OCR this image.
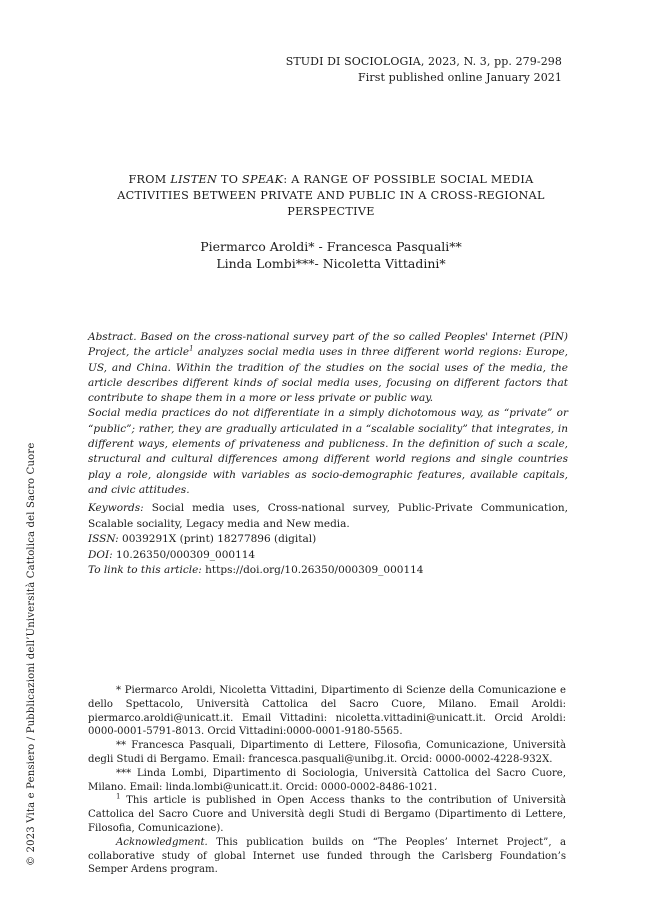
STUDI DI SOCIOLOGIA, 2023, N. 3, pp. 279-298
First published online January 2021
FROM LISTEN TO SPEAK: A RANGE OF POSSIBLE SOCIAL MEDIA ACTIVITIES BETWEEN PRIVATE AND PUBLIC IN A CROSS-REGIONAL PERSPECTIVE
Piermarco Aroldi* - Francesca Pasquali**
Linda Lombi***- Nicoletta Vittadini*

Abstract. Based on the cross-national survey part of the so called Peoples' Internet (PIN) Project, the article$^1$ analyzes social media uses in three different world regions: Europe, US, and China. Within the tradition of the studies on the social uses of the media, the article describes different kinds of social media uses, focusing on different factors that contribute to shape them in a more or less private or public way.

Social media practices do not differentiate in a simply dichotomous way, as “private” or “public”; rather, they are gradually articulated in a “scalable sociality” that integrates, in different ways, elements of privateness and publicness. In the definition of such a scale, structural and cultural differences among different world regions and single countries play a role, alongside with variables as socio-demographic features, available capitals, and civic attitudes.

Keywords: Social media uses, Cross-national survey, Public-Private Communication, Scalable sociality, Legacy media and New media.

ISSN: 0039291X (print) 18277896 (digital)

DOI: 10.26350/000309_000114

To link to this article: https://doi.org/10.26350/000309_000114

* Piermarco Aroldi, Nicoletta Vittadini, Dipartimento di Scienze della Comunicazione e dello Spettacolo, Università Cattolica del Sacro Cuore, Milano. Email Aroldi: piermarco.aroldi@unicatt.it. Email Vittadini: nicoletta.vittadini@unicatt.it. Orcid Aroldi: 0000-0001-5791-8013. Orcid Vittadini:0000-0001-9180-5565.

** Francesca Pasquali, Dipartimento di Lettere, Filosofia, Comunicazione, Università degli Studi di Bergamo. Email: francesca.pasquali@unibg.it. Orcid: 0000-0002-4228-932X.

*** Linda Lombi, Dipartimento di Sociologia, Università Cattolica del Sacro Cuore, Milano. Email: linda.lombi@unicatt.it. Orcid: 0000-0002-8486-1021.

$^1$ This article is published in Open Access thanks to the contribution of Università Cattolica del Sacro Cuore and Università degli Studi di Bergamo (Dipartimento di Lettere, Filosofia, Comunicazione).

Acknowledgment. This publication builds on “The Peoples’ Internet Project”, a collaborative study of global Internet use funded through the Carlsberg Foundation’s Semper Ardens program.

© 2023 Vita e Pensiero / Pubblicazioni dell’Università Cattolica del Sacro Cuore
